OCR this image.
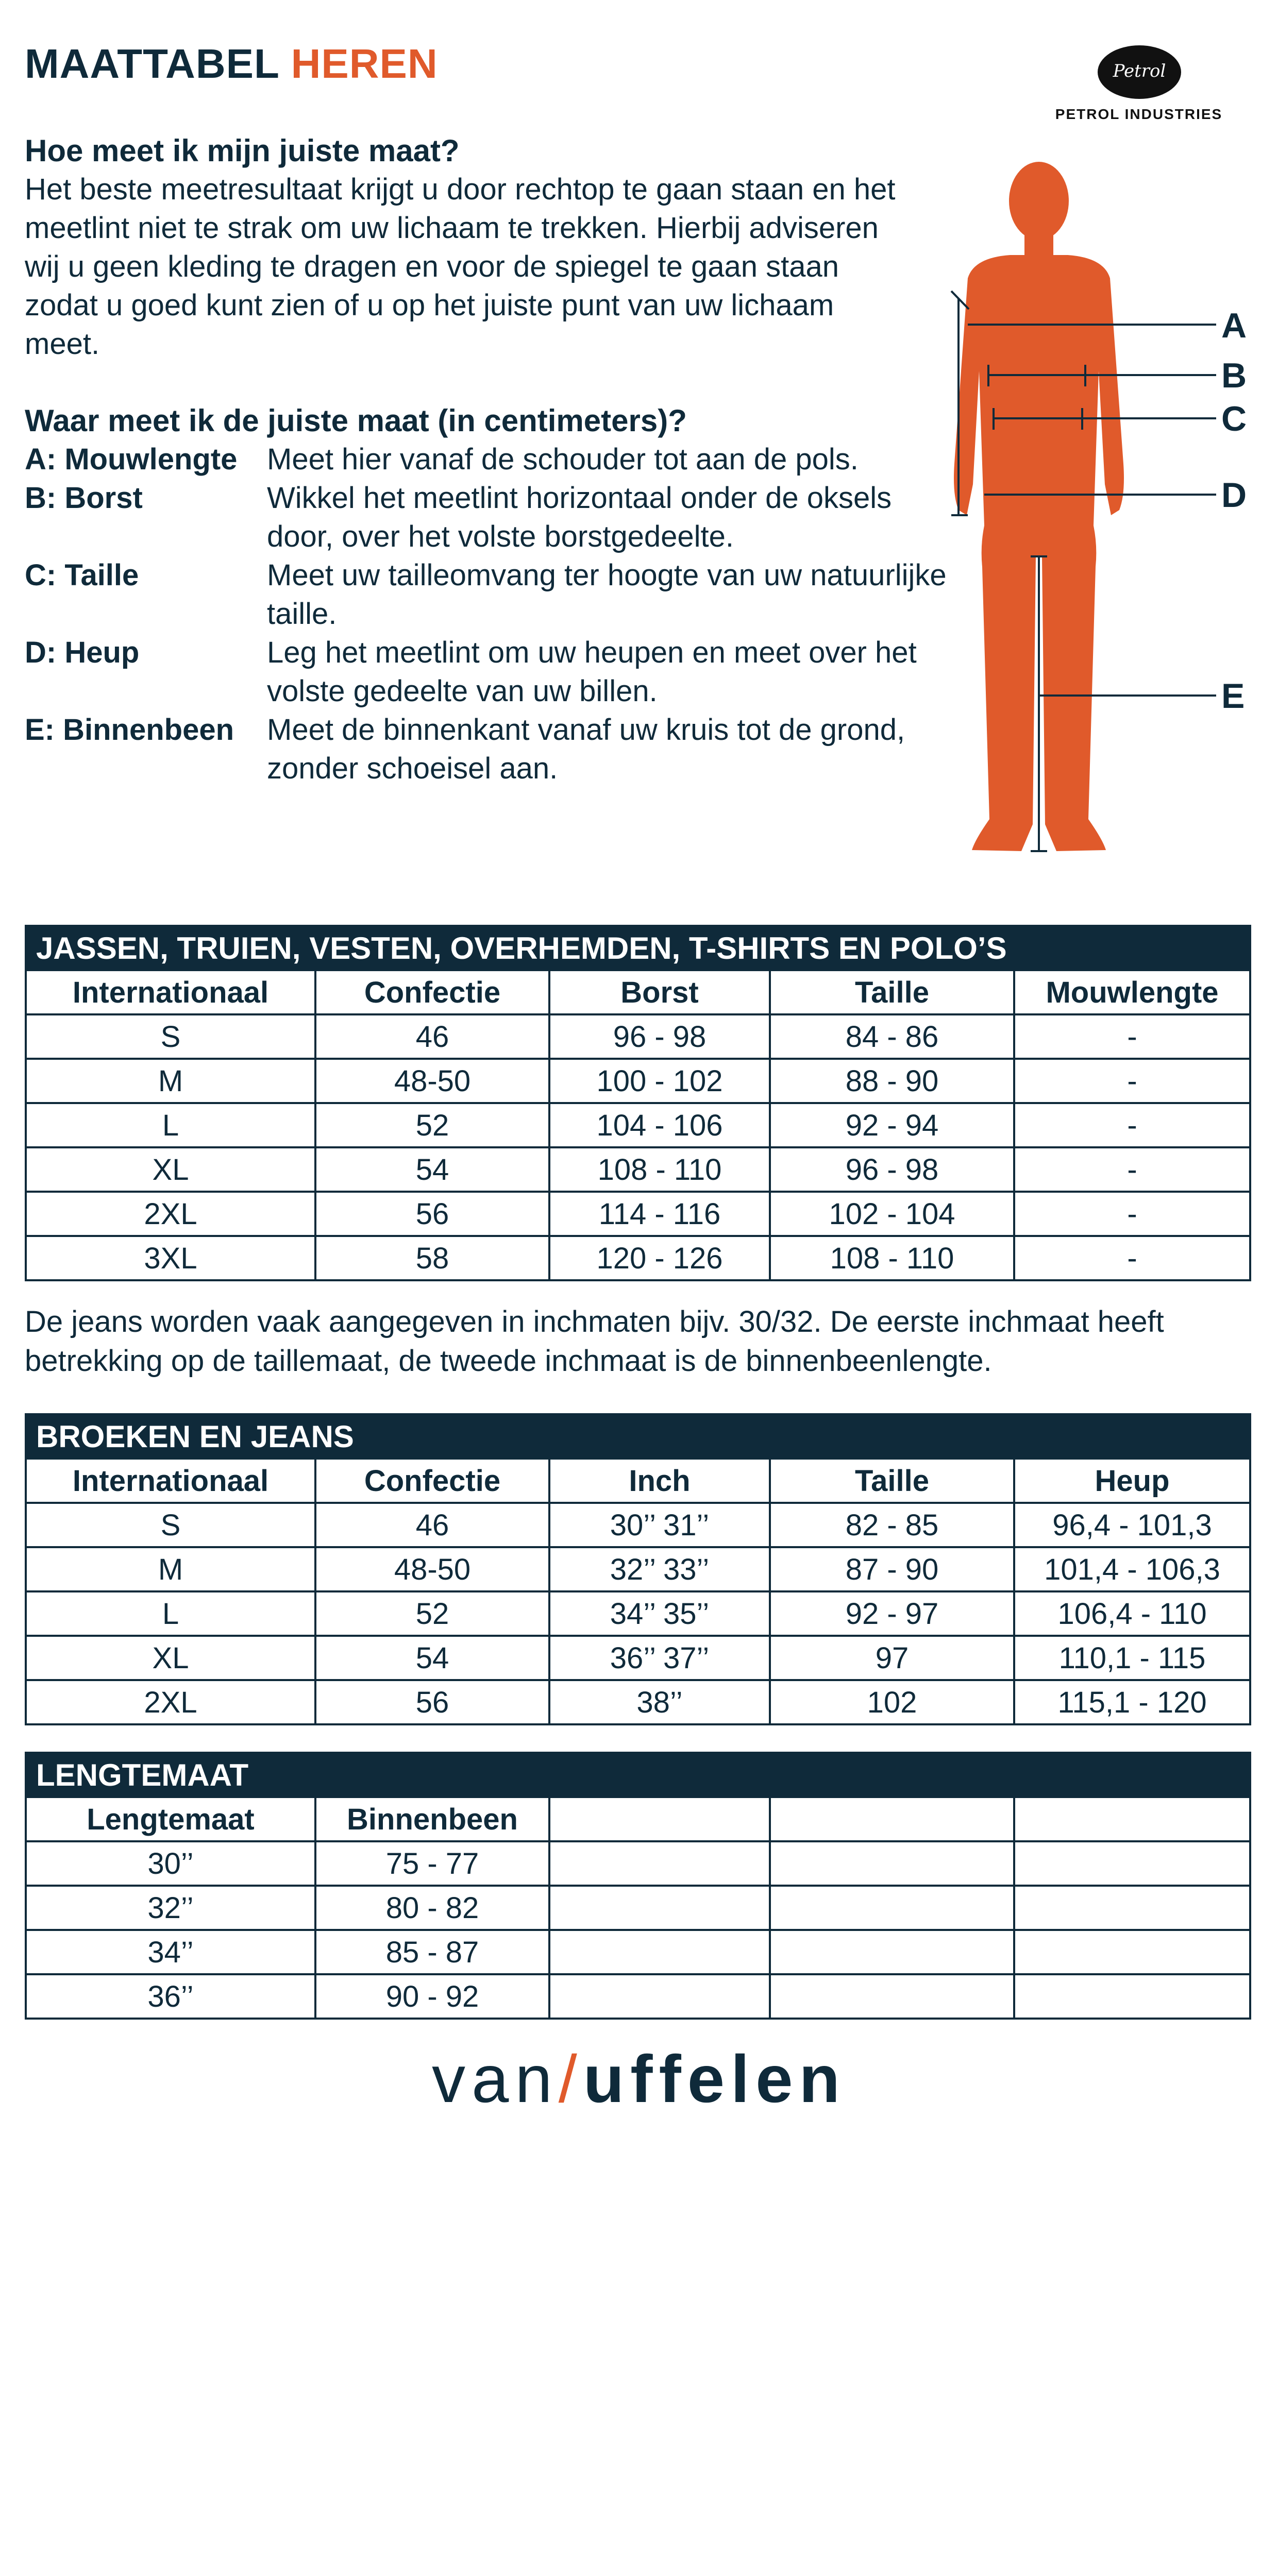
MAATTABEL HEREN	Petrol
PETROL INDUSTRIES
Hoe meet ik mijn juiste maat?
Het beste meetresultaat krijgt u door rechtop te gaan staan en het meetlint niet te strak om uw lichaam te trekken. Hierbij adviseren wij u geen kleding te dragen en voor de spiegel te gaan staan zodat u goed kunt zien of u op het juiste punt van uw lichaam meet.
Waar meet ik de juiste maat (in centimeters)?
A: Mouwlengte Meet hier vanaf de schouder tot aan de pols.
B: Borst	Wikkel het meetlint horizontaal onder de oksels door, over het volste borstgedeelte.
C: Taille	Meet uw tailleomvang ter hoogte van uw natuurlijke taille.
D: Heup	Leg het meetlint om uw heupen en meet over het volste gedeelte van uw billen.
E: Binnenbeen Meet de binnenkant vanaf uw kruis tot de grond, zonder schoeisel aan.
A
B
C
D
E
JASSEN, TRUIEN, VESTEN, OVERHEMDEN, T-SHIRTS EN POLO’S				
Internationaal	Confectie	Borst	Taille	Mouwlengte
S	46	96 - 98	84 - 86	-
M	48-50	100 - 102	88 - 90	-
L	52	104 - 106	92 - 94	-
XL	54	108 - 110	96 - 98	-
2XL	56	114 - 116	102 - 104	-
3XL	58	120 - 126	108 - 110	-
De jeans worden vaak aangegeven in inchmaten bijv. 30/32. De eerste inchmaat heeft betrekking op de taillemaat, de tweede inchmaat is de binnenbeenlengte.
BROEKEN EN JEANS				
Internationaal	Confectie	Inch	Taille	Heup
S	46	30’’ 31’’	82 - 85	96,4 - 101,3
M	48-50	32’’ 33’’	87 - 90	101,4 - 106,3
L	52	34’’ 35’’	92 - 97	106,4 - 110
XL	54	36’’ 37’’	97	110,1 - 115
2XL	56	38’’	102	115,1 - 120
LENGTEMAAT				
Lengtemaat	Binnenbeen			
30’’	75 - 77			
32’’	80 - 82			
34’’	85 - 87			
36’’	90 - 92			
van/uffelen
